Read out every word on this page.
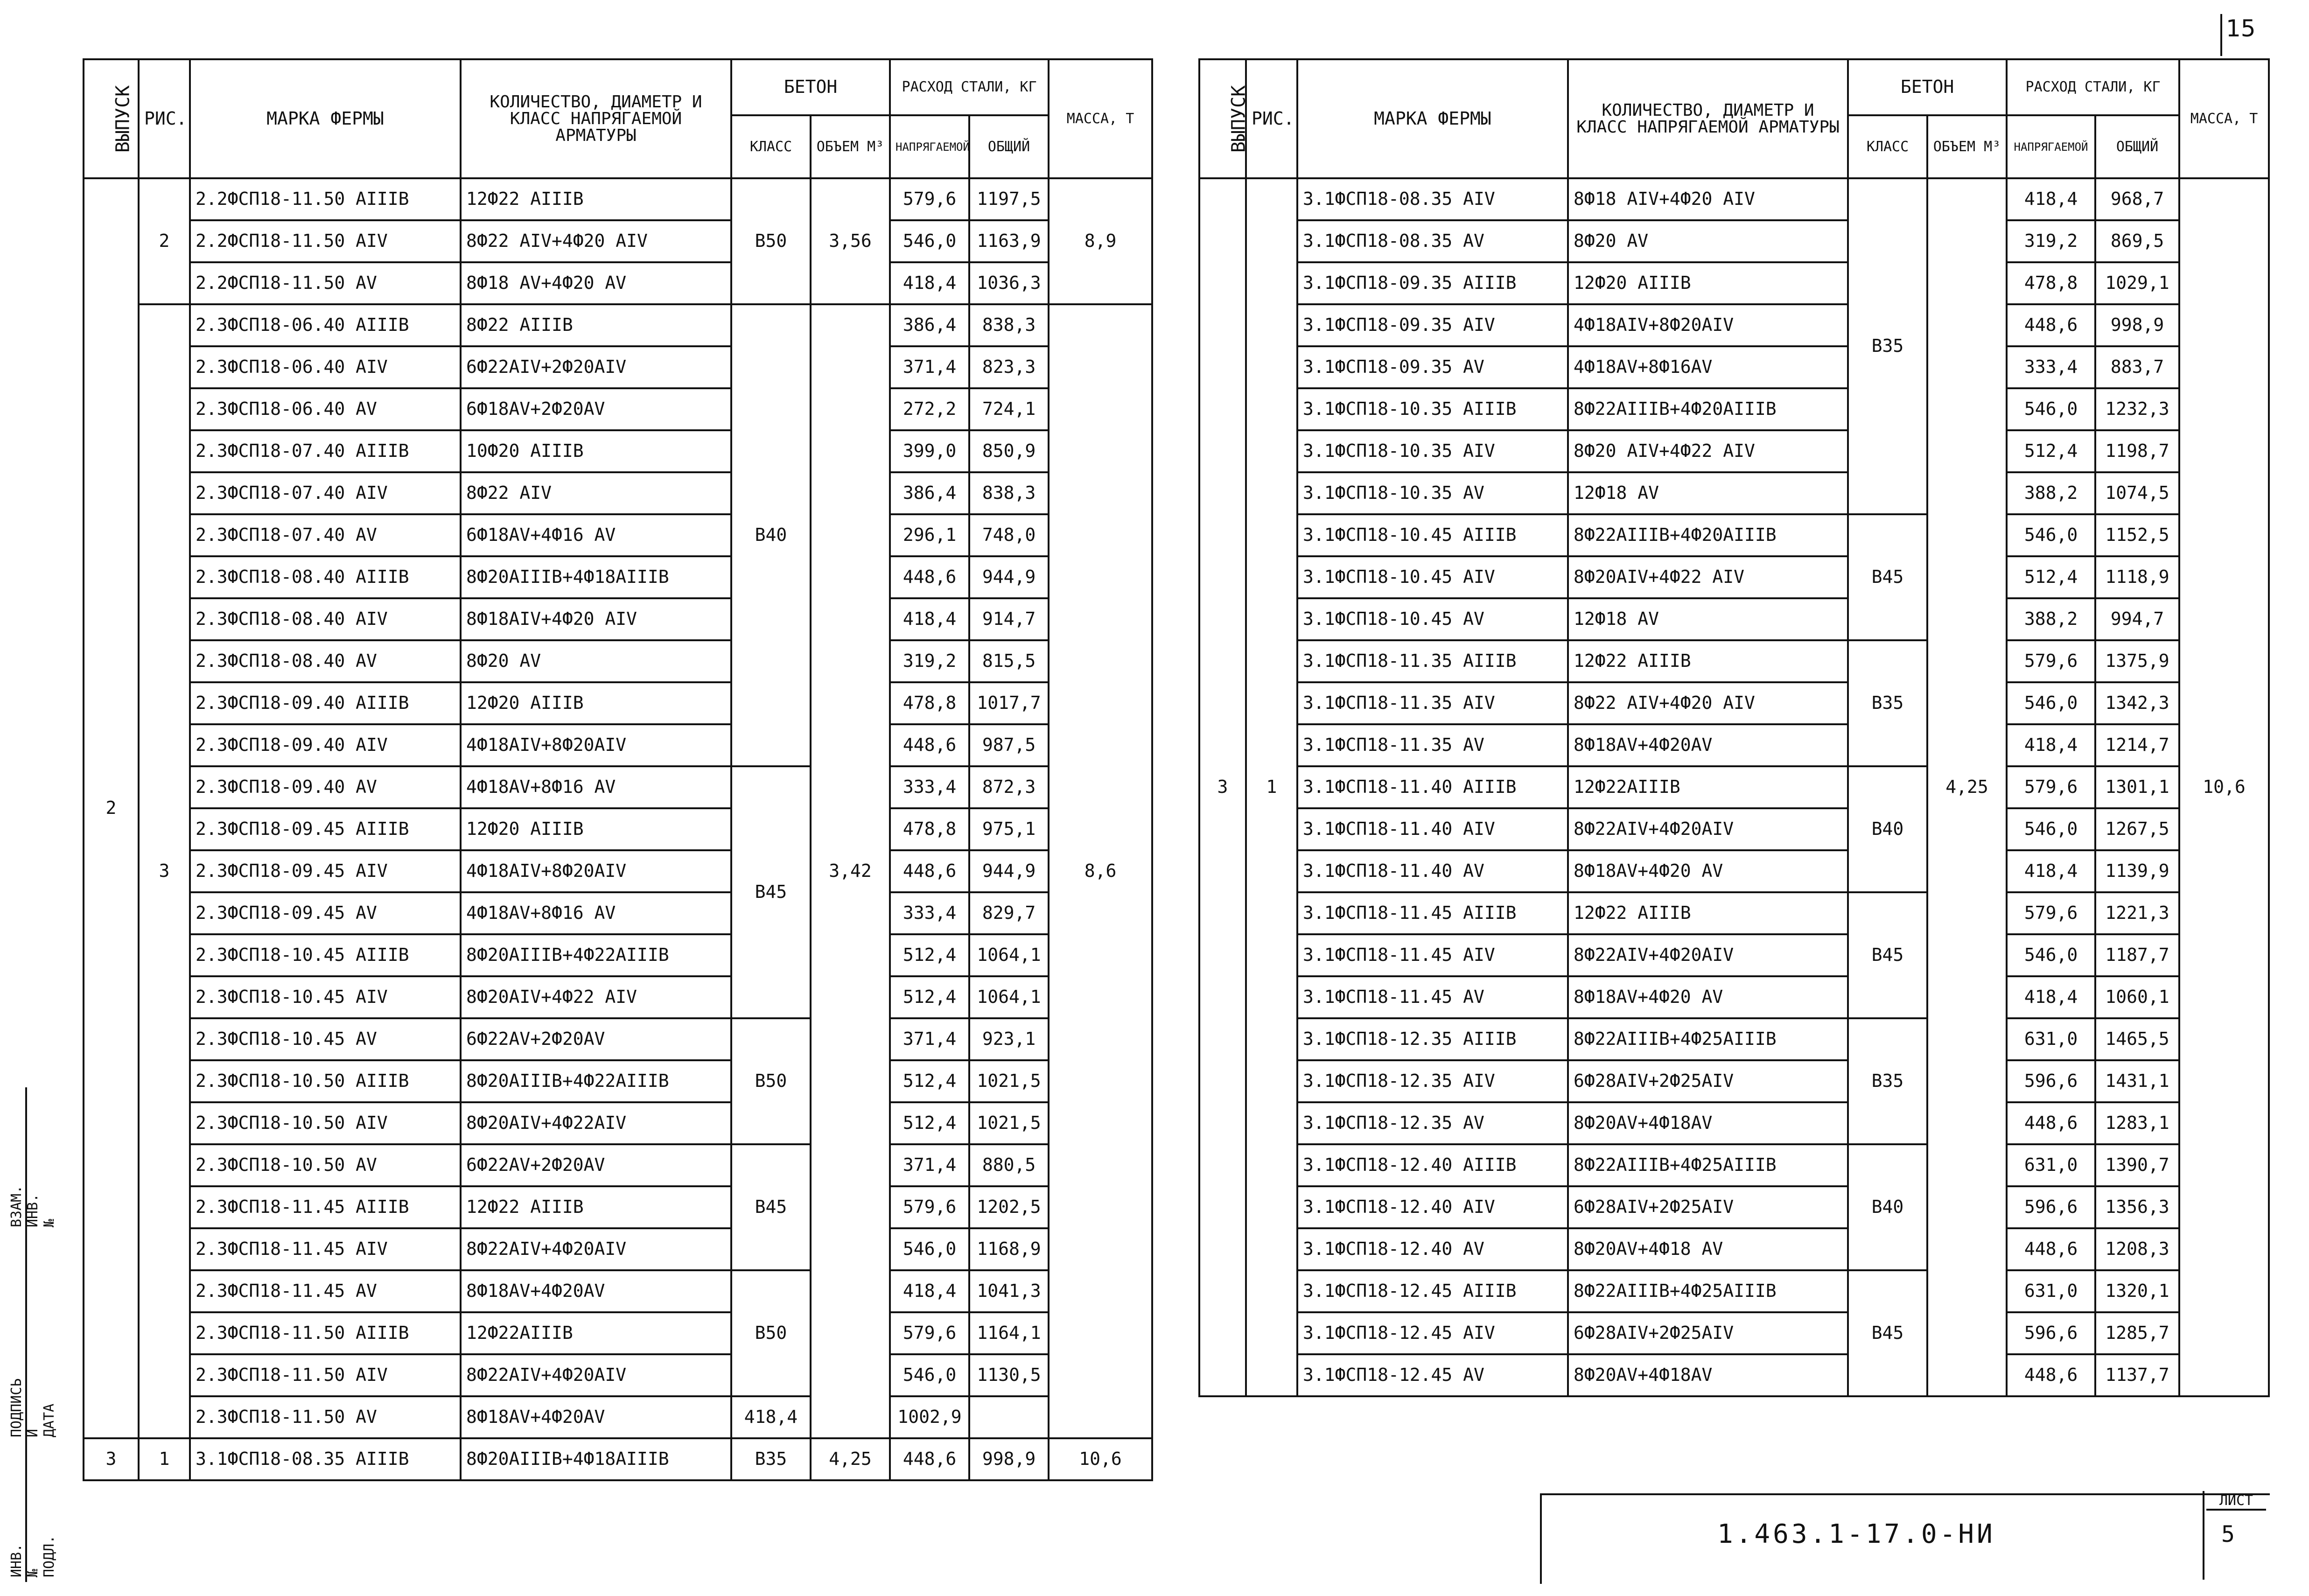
15
ВЫПУСК	РИС.	МАРКА ФЕРМЫ	КОЛИЧЕСТВО, ДИАМЕТР И КЛАСС НАПРЯГАЕМОЙ АРМАТУРЫ	БЕТОН		РАСХОД СТАЛИ, КГ		МАССА, Т
				КЛАСС	ОБЪЕМ М³	НАПРЯГАЕМОЙ	ОБЩИЙ	
2	2	2.2ФСП18-11.50 АIIIВ	12Ф22 АIIIВ	B50	3,56	579,6	1197,5	8,9
		2.2ФСП18-11.50 АIV	8Ф22 АIV+4Ф20 АIV			546,0	1163,9	
		2.2ФСП18-11.50 АV	8Ф18 АV+4Ф20 АV			418,4	1036,3	
	3	2.3ФСП18-06.40 АIIIВ	8Ф22 АIIIВ	B40	3,42	386,4	838,3	8,6
		2.3ФСП18-06.40 АIV	6Ф22АIV+2Ф20АIV			371,4	823,3	
		2.3ФСП18-06.40 АV	6Ф18АV+2Ф20АV			272,2	724,1	
		2.3ФСП18-07.40 АIIIВ	10Ф20 АIIIВ			399,0	850,9	
		2.3ФСП18-07.40 АIV	8Ф22 АIV			386,4	838,3	
		2.3ФСП18-07.40 АV	6Ф18АV+4Ф16 АV			296,1	748,0	
		2.3ФСП18-08.40 АIIIВ	8Ф20АIIIВ+4Ф18АIIIВ			448,6	944,9	
		2.3ФСП18-08.40 АIV	8Ф18АIV+4Ф20 АIV			418,4	914,7	
		2.3ФСП18-08.40 АV	8Ф20 АV			319,2	815,5	
		2.3ФСП18-09.40 АIIIВ	12Ф20 АIIIВ			478,8	1017,7	
		2.3ФСП18-09.40 АIV	4Ф18АIV+8Ф20АIV			448,6	987,5	
		2.3ФСП18-09.40 АV	4Ф18АV+8Ф16 АV	B45		333,4	872,3	
		2.3ФСП18-09.45 АIIIВ	12Ф20 АIIIВ			478,8	975,1	
		2.3ФСП18-09.45 АIV	4Ф18АIV+8Ф20АIV			448,6	944,9	
		2.3ФСП18-09.45 АV	4Ф18АV+8Ф16 АV			333,4	829,7	
		2.3ФСП18-10.45 АIIIВ	8Ф20АIIIВ+4Ф22АIIIВ			512,4	1064,1	
		2.3ФСП18-10.45 АIV	8Ф20АIV+4Ф22 АIV			512,4	1064,1	
		2.3ФСП18-10.45 АV	6Ф22АV+2Ф20АV	B50		371,4	923,1	
		2.3ФСП18-10.50 АIIIВ	8Ф20АIIIВ+4Ф22АIIIВ			512,4	1021,5	
		2.3ФСП18-10.50 АIV	8Ф20АIV+4Ф22АIV			512,4	1021,5	
		2.3ФСП18-10.50 АV	6Ф22АV+2Ф20АV	B45		371,4	880,5	
		2.3ФСП18-11.45 АIIIВ	12Ф22 АIIIВ			579,6	1202,5	
		2.3ФСП18-11.45 АIV	8Ф22АIV+4Ф20АIV			546,0	1168,9	
		2.3ФСП18-11.45 АV	8Ф18АV+4Ф20АV	B50		418,4	1041,3	
		2.3ФСП18-11.50 АIIIВ	12Ф22АIIIВ			579,6	1164,1	
		2.3ФСП18-11.50 АIV	8Ф22АIV+4Ф20АIV			546,0	1130,5	
		2.3ФСП18-11.50 АV	8Ф18АV+4Ф20АV	418,4		1002,9		
3	1	3.1ФСП18-08.35 АIIIВ	8Ф20АIIIВ+4Ф18АIIIВ	B35	4,25	448,6	998,9	10,6
ВЫПУСК	РИС.	МАРКА ФЕРМЫ	КОЛИЧЕСТВО, ДИАМЕТР И КЛАСС НАПРЯГАЕМОЙ АРМАТУРЫ	БЕТОН		РАСХОД СТАЛИ, КГ		МАССА, Т
				КЛАСС	ОБЪЕМ М³	НАПРЯГАЕМОЙ	ОБЩИЙ	
3	1	3.1ФСП18-08.35 АIV	8Ф18 АIV+4Ф20 АIV	B35	4,25	418,4	968,7	10,6
		3.1ФСП18-08.35 АV	8Ф20 АV			319,2	869,5	
		3.1ФСП18-09.35 АIIIВ	12Ф20 АIIIВ			478,8	1029,1	
		3.1ФСП18-09.35 АIV	4Ф18АIV+8Ф20АIV			448,6	998,9	
		3.1ФСП18-09.35 АV	4Ф18АV+8Ф16АV			333,4	883,7	
		3.1ФСП18-10.35 АIIIВ	8Ф22АIIIВ+4Ф20АIIIВ			546,0	1232,3	
		3.1ФСП18-10.35 АIV	8Ф20 АIV+4Ф22 АIV			512,4	1198,7	
		3.1ФСП18-10.35 АV	12Ф18 АV			388,2	1074,5	
		3.1ФСП18-10.45 АIIIВ	8Ф22АIIIВ+4Ф20АIIIВ	B45		546,0	1152,5	
		3.1ФСП18-10.45 АIV	8Ф20АIV+4Ф22 АIV			512,4	1118,9	
		3.1ФСП18-10.45 АV	12Ф18 АV			388,2	994,7	
		3.1ФСП18-11.35 АIIIВ	12Ф22 АIIIВ	B35		579,6	1375,9	
		3.1ФСП18-11.35 АIV	8Ф22 АIV+4Ф20 АIV			546,0	1342,3	
		3.1ФСП18-11.35 АV	8Ф18АV+4Ф20АV			418,4	1214,7	
		3.1ФСП18-11.40 АIIIВ	12Ф22АIIIВ	B40		579,6	1301,1	
		3.1ФСП18-11.40 АIV	8Ф22АIV+4Ф20АIV			546,0	1267,5	
		3.1ФСП18-11.40 АV	8Ф18АV+4Ф20 АV			418,4	1139,9	
		3.1ФСП18-11.45 АIIIВ	12Ф22 АIIIВ	B45		579,6	1221,3	
		3.1ФСП18-11.45 АIV	8Ф22АIV+4Ф20АIV			546,0	1187,7	
		3.1ФСП18-11.45 АV	8Ф18АV+4Ф20 АV			418,4	1060,1	
		3.1ФСП18-12.35 АIIIВ	8Ф22АIIIВ+4Ф25АIIIВ	B35		631,0	1465,5	
		3.1ФСП18-12.35 АIV	6Ф28АIV+2Ф25АIV			596,6	1431,1	
		3.1ФСП18-12.35 АV	8Ф20АV+4Ф18АV			448,6	1283,1	
		3.1ФСП18-12.40 АIIIВ	8Ф22АIIIВ+4Ф25АIIIВ	B40		631,0	1390,7	
		3.1ФСП18-12.40 АIV	6Ф28АIV+2Ф25АIV			596,6	1356,3	
		3.1ФСП18-12.40 АV	8Ф20АV+4Ф18 АV			448,6	1208,3	
		3.1ФСП18-12.45 АIIIВ	8Ф22АIIIВ+4Ф25АIIIВ	B45		631,0	1320,1	
		3.1ФСП18-12.45 АIV	6Ф28АIV+2Ф25АIV			596,6	1285,7	
		3.1ФСП18-12.45 АV	8Ф20АV+4Ф18АV			448,6	1137,7	
ИНВ. № ПОДЛ.
ПОДПИСЬ И ДАТА
ВЗАМ. ИНВ. №
1.463.1-17.0-НИ
ЛИСТ
5
